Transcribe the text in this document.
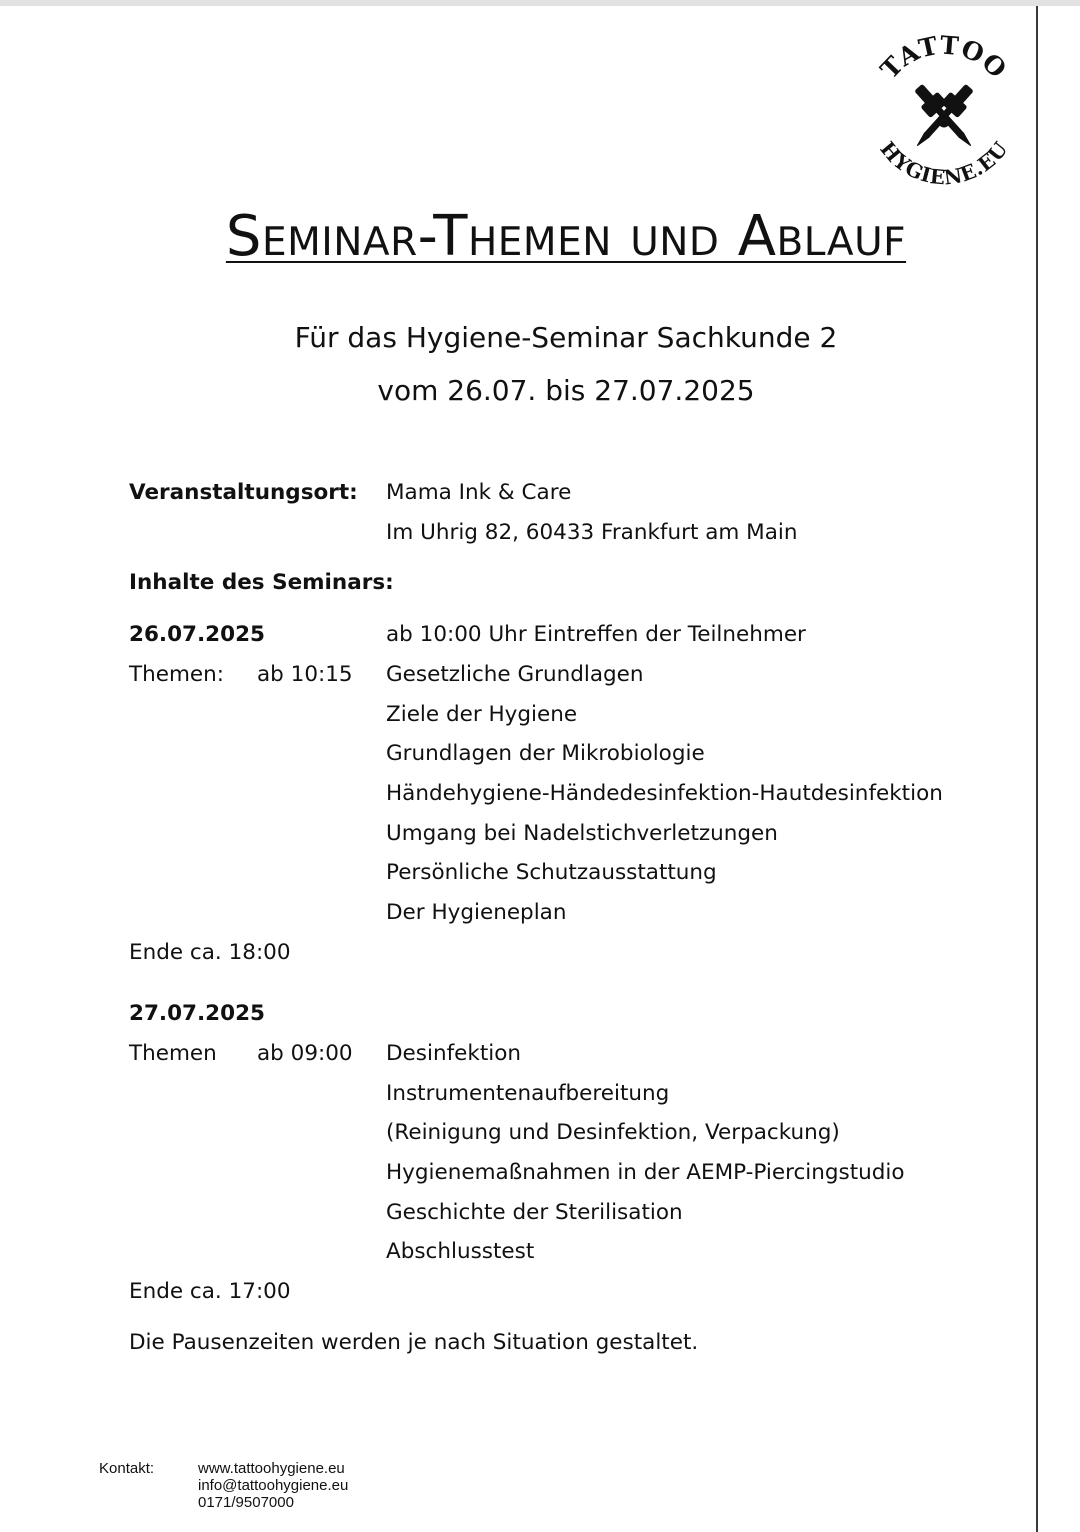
TATTOO
HYGIENE.EU
Seminar-Themen und Ablauf
Für das Hygiene-Seminar Sachkunde 2
vom 26.07. bis 27.07.2025
Veranstaltungsort: Mama Ink & Care
Im Uhrig 82, 60433 Frankfurt am Main
Inhalte des Seminars:
26.07.2025	ab 10:00 Uhr Eintreffen der Teilnehmer
Themen: ab 10:15 Gesetzliche Grundlagen
Ziele der Hygiene
Grundlagen der Mikrobiologie
Händehygiene-Händedesinfektion-Hautdesinfektion
Umgang bei Nadelstichverletzungen
Persönliche Schutzausstattung
Der Hygieneplan
Ende ca. 18:00
27.07.2025
Themen ab 09:00 Desinfektion
Instrumentenaufbereitung
(Reinigung und Desinfektion, Verpackung)
Hygienemaßnahmen in der AEMP-Piercingstudio
Geschichte der Sterilisation
Abschlusstest
Ende ca. 17:00
Die Pausenzeiten werden je nach Situation gestaltet.
Kontakt:	www.tattoohygiene.eu
info@tattoohygiene.eu
0171/9507000
